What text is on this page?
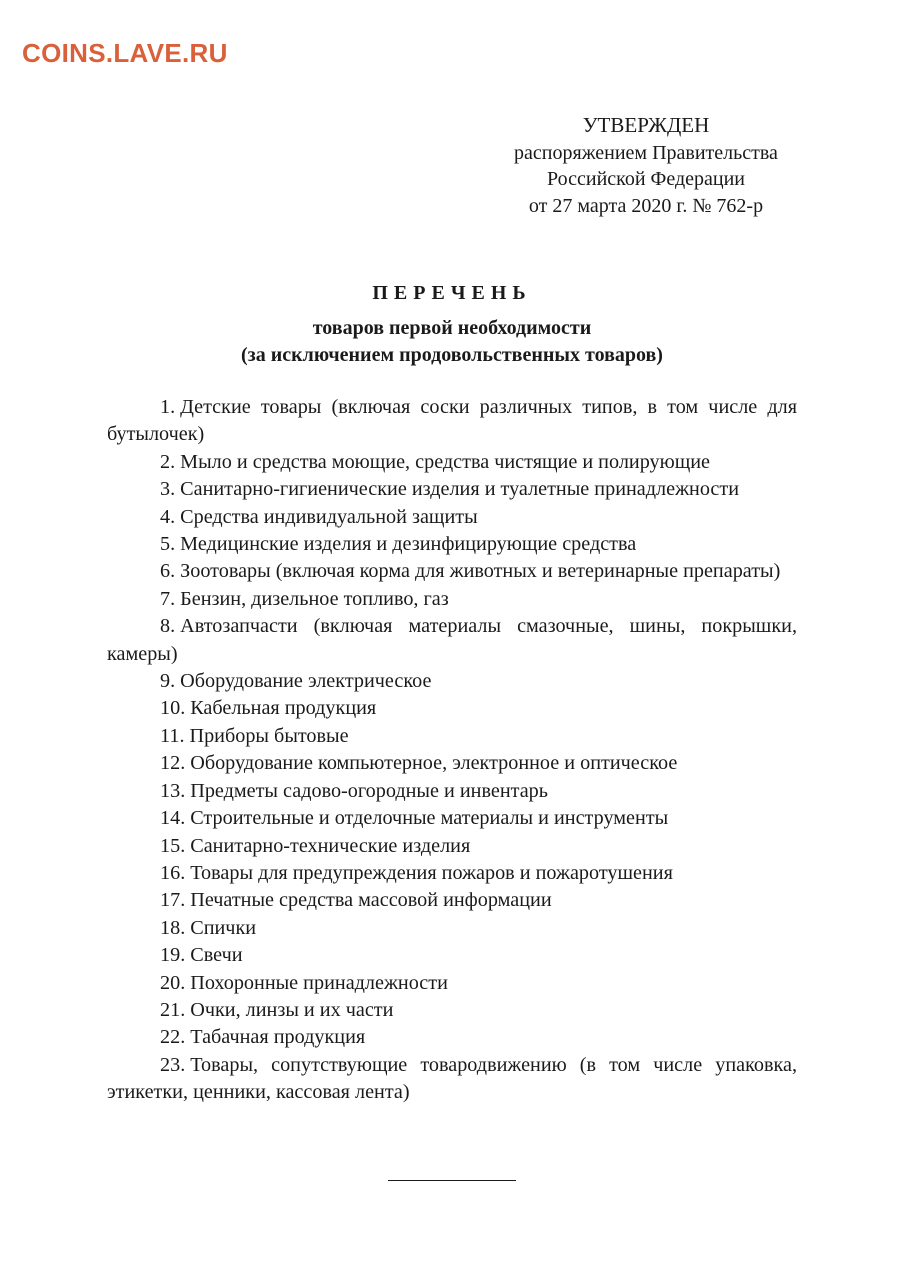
COINS.LAVE.RU
УТВЕРЖДЕН
распоряжением Правительства
Российской Федерации
от 27 марта 2020 г. № 762-р
ПЕРЕЧЕНЬ
товаров первой необходимости
(за исключением продовольственных товаров)
1. Детские товары (включая соски различных типов, в том числе для бутылочек)
2. Мыло и средства моющие, средства чистящие и полирующие
3. Санитарно-гигиенические изделия и туалетные принадлежности
4. Средства индивидуальной защиты
5. Медицинские изделия и дезинфицирующие средства
6. Зоотовары (включая корма для животных и ветеринарные препараты)
7. Бензин, дизельное топливо, газ
8. Автозапчасти (включая материалы смазочные, шины, покрышки, камеры)
9. Оборудование электрическое
10. Кабельная продукция
11. Приборы бытовые
12. Оборудование компьютерное, электронное и оптическое
13. Предметы садово-огородные и инвентарь
14. Строительные и отделочные материалы и инструменты
15. Санитарно-технические изделия
16. Товары для предупреждения пожаров и пожаротушения
17. Печатные средства массовой информации
18. Спички
19. Свечи
20. Похоронные принадлежности
21. Очки, линзы и их части
22. Табачная продукция
23. Товары, сопутствующие товародвижению (в том числе упаковка, этикетки, ценники, кассовая лента)
